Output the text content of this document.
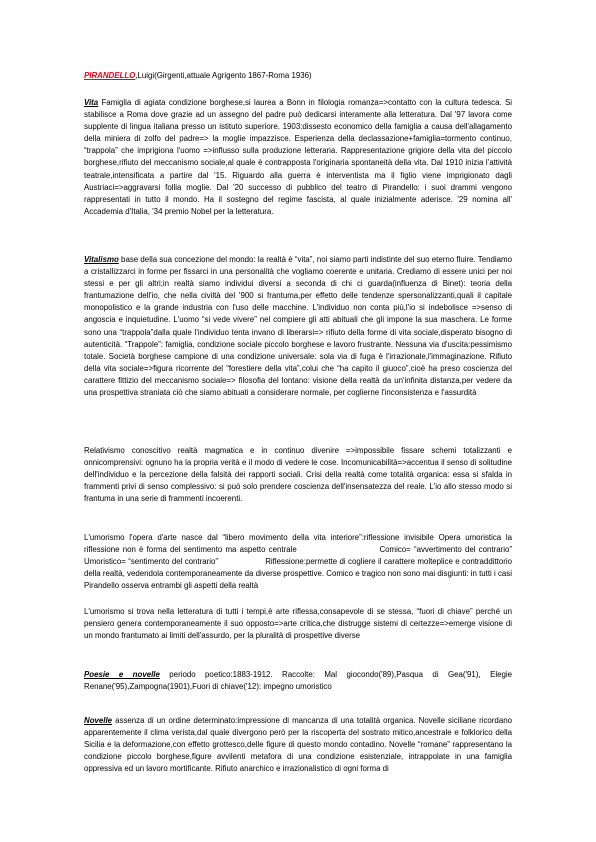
PIRANDELLO,Luigi(Girgenti,attuale Agrigento 1867-Roma 1936)

Vita Famiglia di agiata condizione borghese,si laurea a Bonn in filologia romanza=>contatto con la cultura tedesca. Si stabilisce a Roma dove grazie ad un assegno del padre può dedicarsi interamente alla letteratura. Dal '97 lavora come supplente di lingua italiana presso un istituto superiore. 1903:dissesto economico della famiglia a causa dell'allagamento della miniera di zolfo del padre=> la moglie impazzisce. Esperienza della declassazione+famiglia=tormento continuo, “trappola” che imprigiona l'uomo =>influsso sulla produzione letteraria. Rappresentazione grigiore della vita del piccolo borghese,rifiuto del meccanismo sociale,al quale è contrapposta l'originaria spontaneità della vita. Dal 1910 inizia l'attività teatrale,intensificata a partire dal '15. Riguardo alla guerra è interventista ma il figlio viene imprigionato dagli Austriaci=>aggravarsi follia moglie. Dal '20 successo di pubblico del teatro di Pirandello: i suoi drammi vengono rappresentati in tutto il mondo. Ha il sostegno del regime fascista, al quale inizialmente aderisce. '29 nomina all' Accademia d'Italia, '34 premio Nobel per la letteratura.

Vitalismo base della sua concezione del mondo: la realtà è “vita”, noi siamo parti indistinte del suo eterno fluire. Tendiamo a cristallizzarci in forme per fissarci in una personalità che vogliamo coerente e unitaria. Crediamo di essere unici per noi stessi e per gli altri;in realtà siamo individui diversi a seconda di chi ci guarda(influenza di Binet): teoria della frantumazione dell'io, che nella civiltà del '900 si frantuma,per effetto delle tendenze spersonalizzanti,quali il capitale monopolistico e la grande industria con l'uso delle macchine. L'individuo non conta più,l'io si indebolisce =>senso di angoscia e inquietudine. L'uomo “si vede vivere” nel compiere gli atti abituali che gli impone la sua maschera. Le forme sono una “trappola”dalla quale l'individuo tenta invano di liberarsi=> rifiuto della forme di vita sociale,disperato bisogno di autenticità. “Trappole”: famiglia, condizione sociale piccolo borghese e lavoro frustrante. Nessuna via d'uscita:pessimismo totale. Società borghese campione di una condizione universale: sola via di fuga è l'irrazionale,l'immaginazione. Rifiuto della vita sociale=>figura ricorrente del “forestiere della vita”,colui che “ha capito il giuoco”,cioè ha preso coscienza del carattere fittizio del meccanismo sociale=> filosofia del lontano: visione della realtà da un'infinita distanza,per vedere da una prospettiva straniata ciò che siamo abituati a considerare normale, per coglierne l'inconsistenza e l'assurdità

Relativismo conoscitivo realtà magmatica e in continuo divenire =>impossibile fissare schemi totalizzanti e onnicomprensivi: ognuno ha la propria verità e il modo di vedere le cose. Incomunicabilità=>accentua il senso di solitudine dell'individuo e la percezione della falsità dei rapporti sociali. Crisi della realtà come totalità organica: essa si sfalda in frammenti privi di senso complessivo: si può solo prendere coscienza dell'insensatezza del reale. L'io allo stesso modo si frantuma in una serie di frammenti incoerenti.

L'umorismo l'opera d'arte nasce dal “libero movimento della vita interiore”:riflessione invisibile Opera umoristica la riflessione non è forma del sentimento ma aspetto centrale                          Comico= “avvertimento del contrario” Umoristico= “sentimento del contrario”                    Riflessione:permette di cogliere il carattere molteplice e contraddittorio della realtà, vedendola contemporaneamente da diverse prospettive. Comico e tragico non sono mai disgiunti: in tutti i casi Pirandello osserva entrambi gli aspetti della realtà

L'umorismo si trova nella letteratura di tutti i tempi,è arte riflessa,consapevole di se stessa, “fuori di chiave” perché un pensiero genera contemporaneamente il suo opposto=>arte critica,che distrugge sistemi di certezze=>emerge visione di un mondo frantumato ai limiti dell'assurdo, per la pluralità di prospettive diverse

Poesie e novelle periodo poetico:1883-1912. Raccolte: Mal giocondo('89),Pasqua di Gea('91), Elegie Renane('95),Zampogna(1901),Fuori di chiave('12): impegno umoristico

Novelle assenza di un ordine determinato:impressione di mancanza di una totalità organica. Novelle siciliane ricordano apparentemente il clima verista,dal quale divergono però per la riscoperta del sostrato mitico,ancestrale e folklorico della Sicilia e la deformazione,con effetto grottesco,delle figure di questo mondo contadino. Novelle “romane” rappresentano la condizione piccolo borghese,figure avvilenti metafora di una condizione esistenziale, intrappolate in una famiglia oppressiva ed un lavoro mortificante. Rifiuto anarchico e irrazionalistico di ogni forma di
